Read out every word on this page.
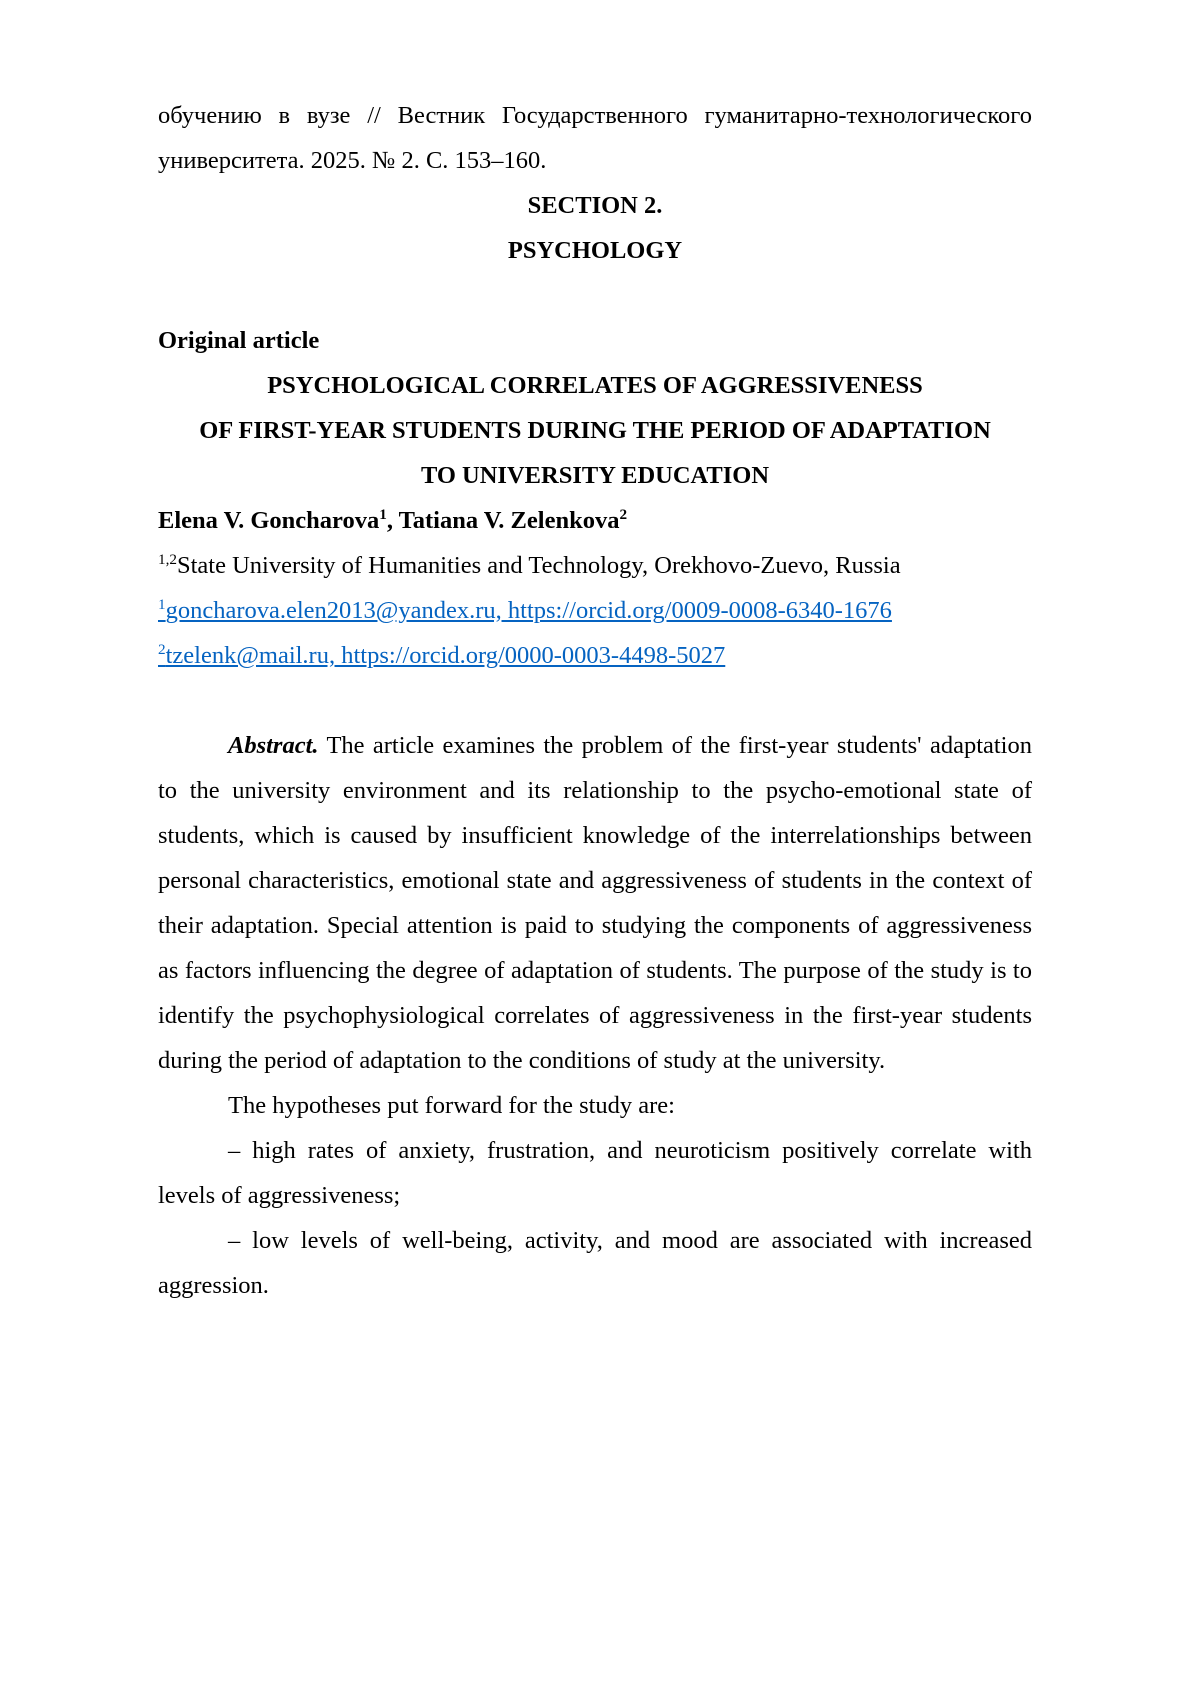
обучению в вузе // Вестник Государственного гуманитарно-технологического университета. 2025. № 2. С. 153–160.

SECTION 2.

PSYCHOLOGY

Original article

PSYCHOLOGICAL CORRELATES OF AGGRESSIVENESS
OF FIRST-YEAR STUDENTS DURING THE PERIOD OF ADAPTATION
TO UNIVERSITY EDUCATION

Elena V. Goncharova$^1$, Tatiana V. Zelenkova$^2$

$^{1,2}$State University of Humanities and Technology, Orekhovo-Zuevo, Russia

$^1$goncharova.elen2013@yandex.ru, https://orcid.org/0009-0008-6340-1676

$^2$tzelenk@mail.ru, https://orcid.org/0000-0003-4498-5027

Abstract. The article examines the problem of the first-year students' adaptation to the university environment and its relationship to the psycho-emotional state of students, which is caused by insufficient knowledge of the interrelationships between personal characteristics, emotional state and aggressiveness of students in the context of their adaptation. Special attention is paid to studying the components of aggressiveness as factors influencing the degree of adaptation of students. The purpose of the study is to identify the psychophysiological correlates of aggressiveness in the first-year students during the period of adaptation to the conditions of study at the university.

The hypotheses put forward for the study are:

– high rates of anxiety, frustration, and neuroticism positively correlate with levels of aggressiveness;

– low levels of well-being, activity, and mood are associated with increased aggression.
